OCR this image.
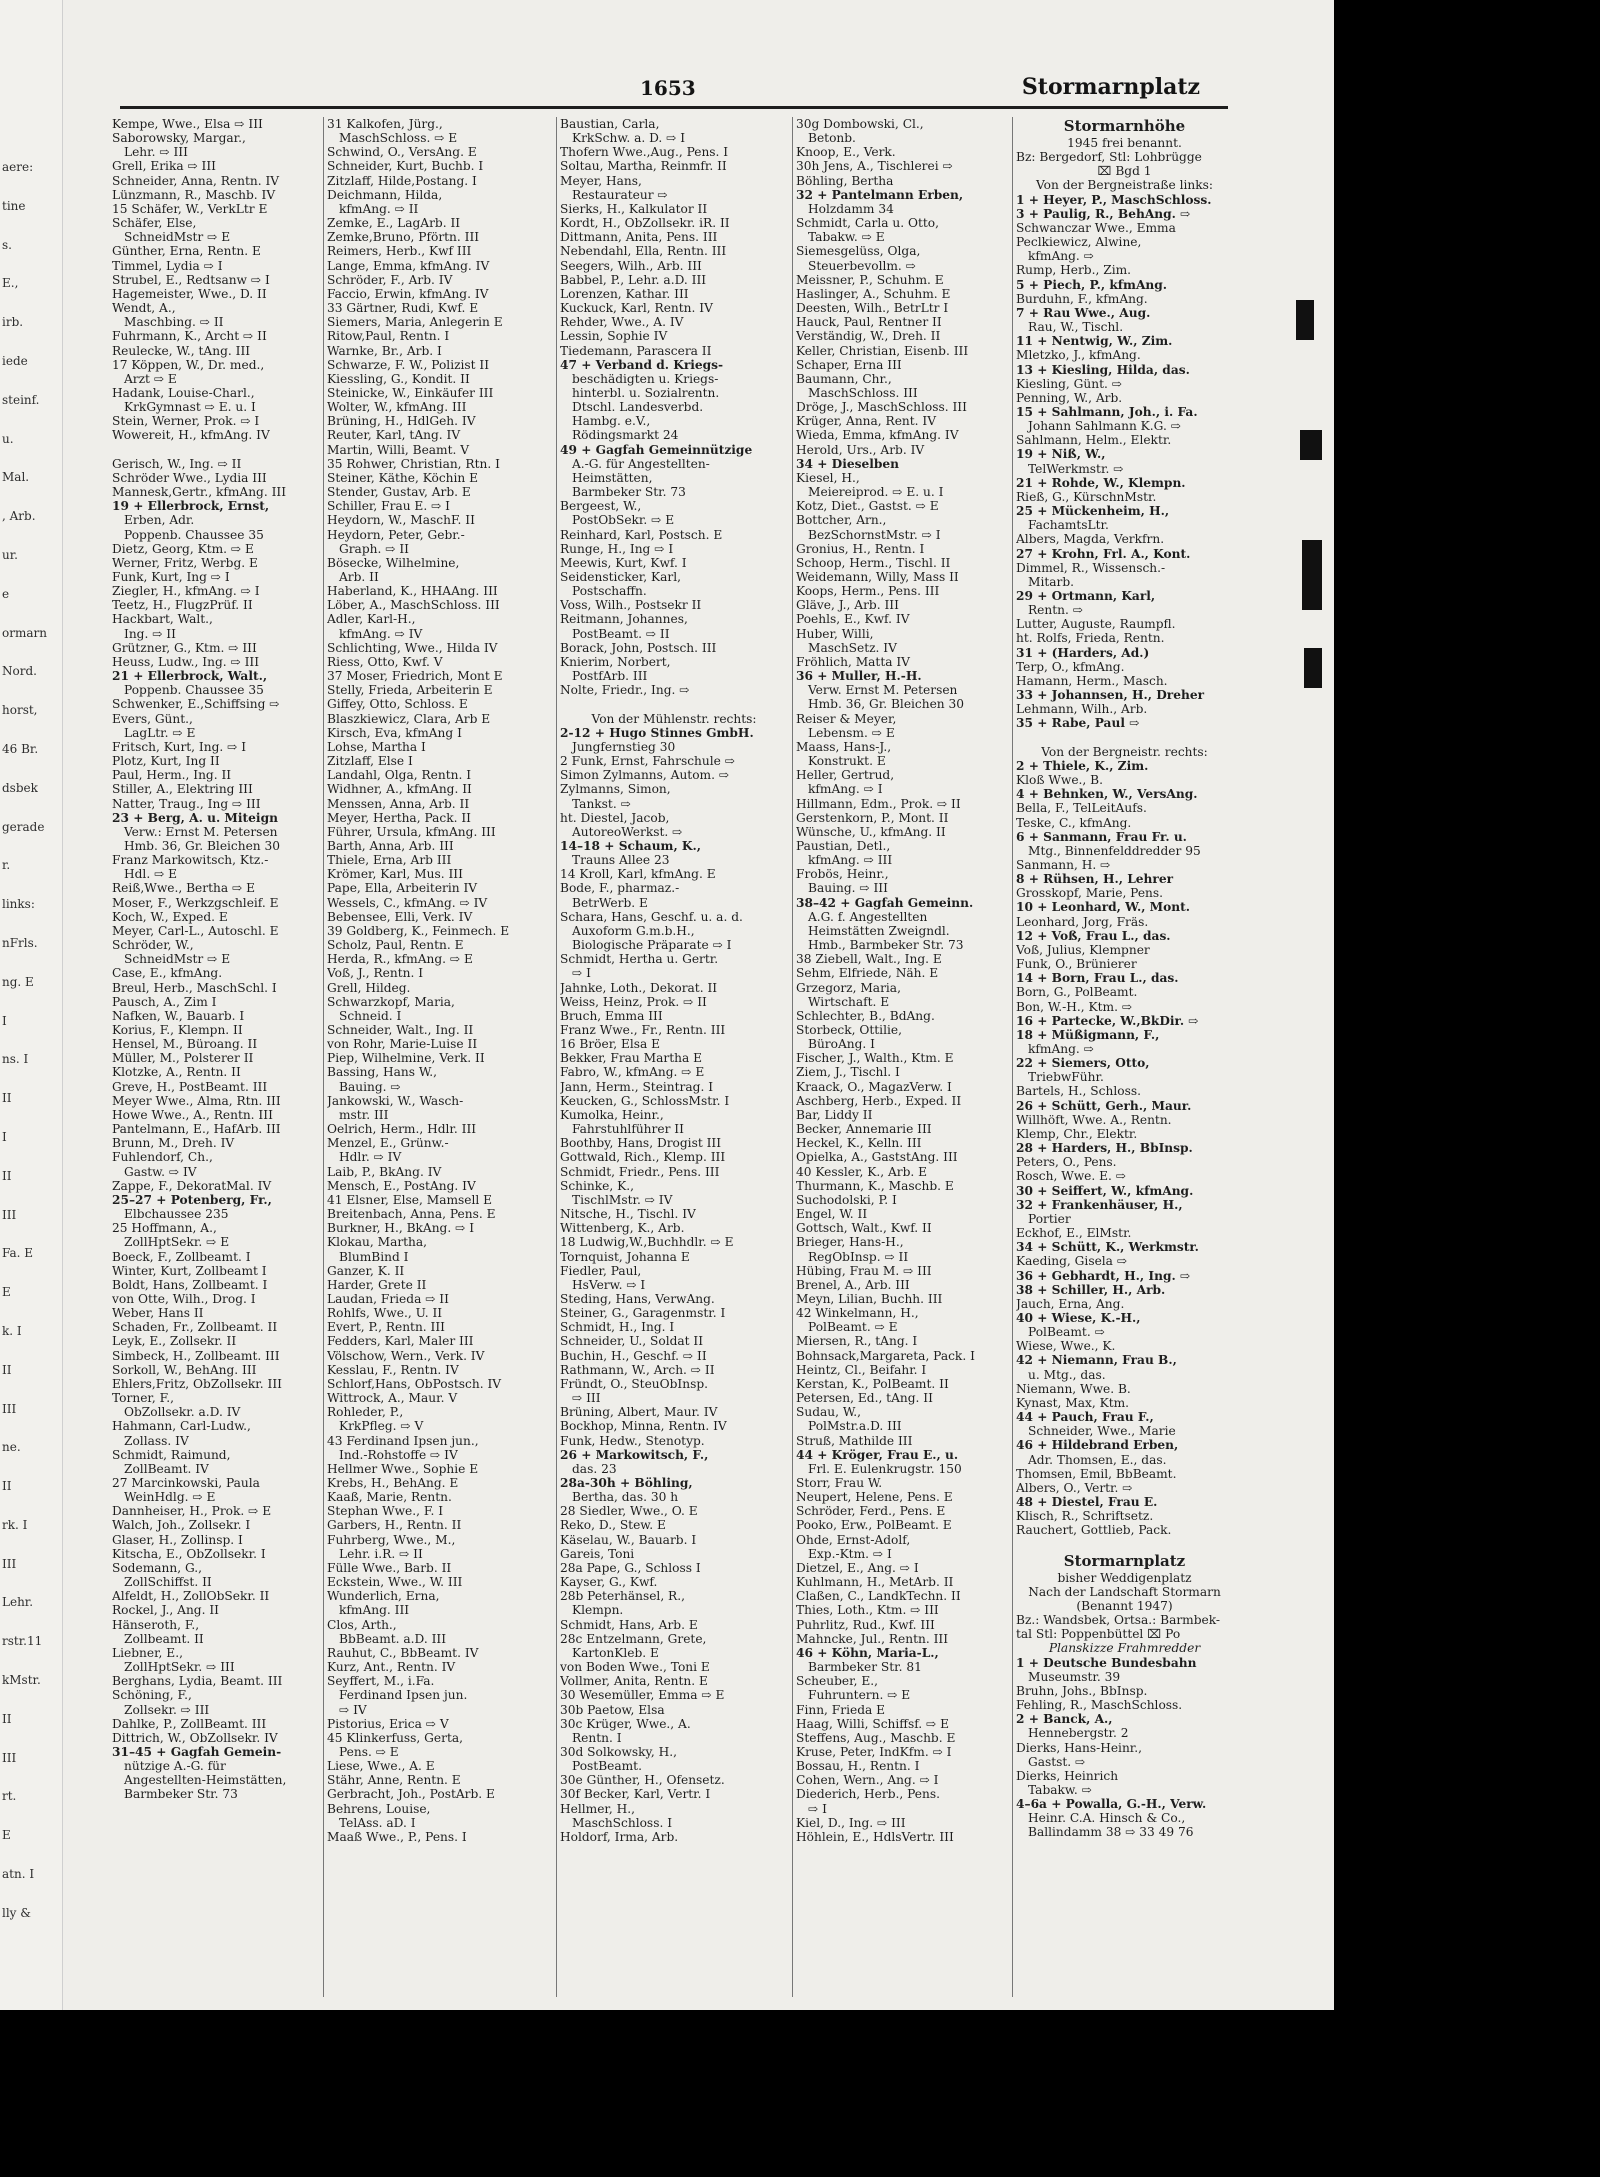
aere:
tine
s.
E.,
irb.
iede
steinf.
u.
Mal.
, Arb.
ur.
e
ormarn
Nord.
horst,
46 Br.
dsbek
gerade
r.
links:
nFrls.
ng. E
I
ns. I
II
I
II
III
Fa. E
E
k. I
II
III
ne.
II
rk. I
III
Lehr.
rstr.11
kMstr.
II
III
rt.
E
atn. I
lly &
1653	Stormarnplatz
Kempe, Wwe., Elsa ⇨ III
Saborowsky, Margar.,
Lehr. ⇨ III
Grell, Erika ⇨ III
Schneider, Anna, Rentn. IV
Lünzmann, R., Maschb. IV
15 Schäfer, W., VerkLtr E
Schäfer, Else,
SchneidMstr ⇨ E
Günther, Erna, Rentn. E
Timmel, Lydia ⇨ I
Strubel, E., Redtsanw ⇨ I
Hagemeister, Wwe., D. II
Wendt, A.,
Maschbing. ⇨ II
Fuhrmann, K., Archt ⇨ II
Reulecke, W., tAng. III
17 Köppen, W., Dr. med.,
Arzt ⇨ E
Hadank, Louise-Charl.,
KrkGymnast ⇨ E. u. I
Stein, Werner, Prok. ⇨ I
Wowereit, H., kfmAng. IV

Gerisch, W., Ing. ⇨ II
Schröder Wwe., Lydia III
Mannesk,Gertr., kfmAng. III
19 + Ellerbrock, Ernst,
Erben, Adr.
Poppenb. Chaussee 35
Dietz, Georg, Ktm. ⇨ E
Werner, Fritz, Werbg. E
Funk, Kurt, Ing ⇨ I
Ziegler, H., kfmAng. ⇨ I
Teetz, H., FlugzPrüf. II
Hackbart, Walt.,
Ing. ⇨ II
Grützner, G., Ktm. ⇨ III
Heuss, Ludw., Ing. ⇨ III
21 + Ellerbrock, Walt.,
Poppenb. Chaussee 35
Schwenker, E.,Schiffsing ⇨
Evers, Günt.,
LagLtr. ⇨ E
Fritsch, Kurt, Ing. ⇨ I
Plotz, Kurt, Ing II
Paul, Herm., Ing. II
Stiller, A., Elektring III
Natter, Traug., Ing ⇨ III
23 + Berg, A. u. Miteign
Verw.: Ernst M. Petersen
Hmb. 36, Gr. Bleichen 30
Franz Markowitsch, Ktz.-
Hdl. ⇨ E
Reiß,Wwe., Bertha ⇨ E
Moser, F., Werkzgschleif. E
Koch, W., Exped. E
Meyer, Carl-L., Autoschl. E
Schröder, W.,
SchneidMstr ⇨ E
Case, E., kfmAng.
Breul, Herb., MaschSchl. I
Pausch, A., Zim I
Nafken, W., Bauarb. I
Korius, F., Klempn. II
Hensel, M., Büroang. II
Müller, M., Polsterer II
Klotzke, A., Rentn. II
Greve, H., PostBeamt. III
Meyer Wwe., Alma, Rtn. III
Howe Wwe., A., Rentn. III
Pantelmann, E., HafArb. III
Brunn, M., Dreh. IV
Fuhlendorf, Ch.,
Gastw. ⇨ IV
Zappe, F., DekoratMal. IV
25–27 + Potenberg, Fr.,
Elbchaussee 235
25 Hoffmann, A.,
ZollHptSekr. ⇨ E
Boeck, F., Zollbeamt. I
Winter, Kurt, Zollbeamt I
Boldt, Hans, Zollbeamt. I
von Otte, Wilh., Drog. I
Weber, Hans II
Schaden, Fr., Zollbeamt. II
Leyk, E., Zollsekr. II
Simbeck, H., Zollbeamt. III
Sorkoll, W., BehAng. III
Ehlers,Fritz, ObZollsekr. III
Torner, F.,
ObZollsekr. a.D. IV
Hahmann, Carl-Ludw.,
Zollass. IV
Schmidt, Raimund,
ZollBeamt. IV
27 Marcinkowski, Paula
WeinHdlg. ⇨ E
Dannheiser, H., Prok. ⇨ E
Walch, Joh., Zollsekr. I
Glaser, H., Zollinsp. I
Kitscha, E., ObZollsekr. I
Sodemann, G.,
ZollSchiffst. II
Alfeldt, H., ZollObSekr. II
Rockel, J., Ang. II
Hänseroth, F.,
Zollbeamt. II
Liebner, E.,
ZollHptSekr. ⇨ III
Berghans, Lydia, Beamt. III
Schöning, F.,
Zollsekr. ⇨ III
Dahlke, P., ZollBeamt. III
Dittrich, W., ObZollsekr. IV
31–45 + Gagfah Gemein-
nützige A.-G. für
Angestellten-Heimstätten,
Barmbeker Str. 73
31 Kalkofen, Jürg.,
MaschSchloss. ⇨ E
Schwind, O., VersAng. E
Schneider, Kurt, Buchb. I
Zitzlaff, Hilde,Postang. I
Deichmann, Hilda,
kfmAng. ⇨ II
Zemke, E., LagArb. II
Zemke,Bruno, Pförtn. III
Reimers, Herb., Kwf III
Lange, Emma, kfmAng. IV
Schröder, F., Arb. IV
Faccio, Erwin, kfmAng. IV
33 Gärtner, Rudi, Kwf. E
Siemers, Maria, Anlegerin E
Ritow,Paul, Rentn. I
Warnke, Br., Arb. I
Schwarze, F. W., Polizist II
Kiessling, G., Kondit. II
Steinicke, W., Einkäufer III
Wolter, W., kfmAng. III
Brüning, H., HdlGeh. IV
Reuter, Karl, tAng. IV
Martin, Willi, Beamt. V
35 Rohwer, Christian, Rtn. I
Steiner, Käthe, Köchin E
Stender, Gustav, Arb. E
Schiller, Frau E. ⇨ I
Heydorn, W., MaschF. II
Heydorn, Peter, Gebr.-
Graph. ⇨ II
Bösecke, Wilhelmine,
Arb. II
Haberland, K., HHAAng. III
Löber, A., MaschSchloss. III
Adler, Karl-H.,
kfmAng. ⇨ IV
Schlichting, Wwe., Hilda IV
Riess, Otto, Kwf. V
37 Moser, Friedrich, Mont E
Stelly, Frieda, Arbeiterin E
Giffey, Otto, Schloss. E
Blaszkiewicz, Clara, Arb E
Kirsch, Eva, kfmAng I
Lohse, Martha I
Zitzlaff, Else I
Landahl, Olga, Rentn. I
Widhner, A., kfmAng. II
Menssen, Anna, Arb. II
Meyer, Hertha, Pack. II
Führer, Ursula, kfmAng. III
Barth, Anna, Arb. III
Thiele, Erna, Arb III
Krömer, Karl, Mus. III
Pape, Ella, Arbeiterin IV
Wessels, C., kfmAng. ⇨ IV
Bebensee, Elli, Verk. IV
39 Goldberg, K., Feinmech. E
Scholz, Paul, Rentn. E
Herda, R., kfmAng. ⇨ E
Voß, J., Rentn. I
Grell, Hildeg.
Schwarzkopf, Maria,
Schneid. I
Schneider, Walt., Ing. II
von Rohr, Marie-Luise II
Piep, Wilhelmine, Verk. II
Bassing, Hans W.,
Bauing. ⇨
Jankowski, W., Wasch-
mstr. III
Oelrich, Herm., Hdlr. III
Menzel, E., Grünw.-
Hdlr. ⇨ IV
Laib, P., BkAng. IV
Mensch, E., PostAng. IV
41 Elsner, Else, Mamsell E
Breitenbach, Anna, Pens. E
Burkner, H., BkAng. ⇨ I
Klokau, Martha,
BlumBind I
Ganzer, K. II
Harder, Grete II
Laudan, Frieda ⇨ II
Rohlfs, Wwe., U. II
Evert, P., Rentn. III
Fedders, Karl, Maler III
Völschow, Wern., Verk. IV
Kesslau, F., Rentn. IV
Schlorf,Hans, ObPostsch. IV
Wittrock, A., Maur. V
Rohleder, P.,
KrkPfleg. ⇨ V
43 Ferdinand Ipsen jun.,
Ind.-Rohstoffe ⇨ IV
Hellmer Wwe., Sophie E
Krebs, H., BehAng. E
Kaaß, Marie, Rentn.
Stephan Wwe., F. I
Garbers, H., Rentn. II
Fuhrberg, Wwe., M.,
Lehr. i.R. ⇨ II
Fülle Wwe., Barb. II
Eckstein, Wwe., W. III
Wunderlich, Erna,
kfmAng. III
Clos, Arth.,
BbBeamt. a.D. III
Rauhut, C., BbBeamt. IV
Kurz, Ant., Rentn. IV
Seyffert, M., i.Fa.
Ferdinand Ipsen jun.
⇨ IV
Pistorius, Erica ⇨ V
45 Klinkerfuss, Gerta,
Pens. ⇨ E
Liese, Wwe., A. E
Stähr, Anne, Rentn. E
Gerbracht, Joh., PostArb. E
Behrens, Louise,
TelAss. aD. I
Maaß Wwe., P., Pens. I
Baustian, Carla,
KrkSchw. a. D. ⇨ I
Thofern Wwe.,Aug., Pens. I
Soltau, Martha, Reinmfr. II
Meyer, Hans,
Restaurateur ⇨
Sierks, H., Kalkulator II
Kordt, H., ObZollsekr. iR. II
Dittmann, Anita, Pens. III
Nebendahl, Ella, Rentn. III
Seegers, Wilh., Arb. III
Babbel, P., Lehr. a.D. III
Lorenzen, Kathar. III
Kuckuck, Karl, Rentn. IV
Rehder, Wwe., A. IV
Lessin, Sophie IV
Tiedemann, Parascera II
47 + Verband d. Kriegs-
beschädigten u. Kriegs-
hinterbl. u. Sozialrentn.
Dtschl. Landesverbd.
Hambg. e.V.,
Rödingsmarkt 24
49 + Gagfah Gemeinnützige
A.-G. für Angestellten-
Heimstätten,
Barmbeker Str. 73
Bergeest, W.,
PostObSekr. ⇨ E
Reinhard, Karl, Postsch. E
Runge, H., Ing ⇨ I
Meewis, Kurt, Kwf. I
Seidensticker, Karl,
Postschaffn.
Voss, Wilh., Postsekr II
Reitmann, Johannes,
PostBeamt. ⇨ II
Borack, John, Postsch. III
Knierim, Norbert,
PostfArb. III
Nolte, Friedr., Ing. ⇨

Von der Mühlenstr. rechts:
2-12 + Hugo Stinnes GmbH.
Jungfernstieg 30
2 Funk, Ernst, Fahrschule ⇨
Simon Zylmanns, Autom. ⇨
Zylmanns, Simon,
Tankst. ⇨
ht. Diestel, Jacob,
AutoreoWerkst. ⇨
14–18 + Schaum, K.,
Trauns Allee 23
14 Kroll, Karl, kfmAng. E
Bode, F., pharmaz.-
BetrWerb. E
Schara, Hans, Geschf. u. a. d.
Auxoform G.m.b.H.,
Biologische Präparate ⇨ I
Schmidt, Hertha u. Gertr.
⇨ I
Jahnke, Loth., Dekorat. II
Weiss, Heinz, Prok. ⇨ II
Bruch, Emma III
Franz Wwe., Fr., Rentn. III
16 Bröer, Elsa E
Bekker, Frau Martha E
Fabro, W., kfmAng. ⇨ E
Jann, Herm., Steintrag. I
Keucken, G., SchlossMstr. I
Kumolka, Heinr.,
Fahrstuhlführer II
Boothby, Hans, Drogist III
Gottwald, Rich., Klemp. III
Schmidt, Friedr., Pens. III
Schinke, K.,
TischlMstr. ⇨ IV
Nitsche, H., Tischl. IV
Wittenberg, K., Arb.
18 Ludwig,W.,Buchhdlr. ⇨ E
Tornquist, Johanna E
Fiedler, Paul,
HsVerw. ⇨ I
Steding, Hans, VerwAng.
Steiner, G., Garagenmstr. I
Schmidt, H., Ing. I
Schneider, U., Soldat II
Buchin, H., Geschf. ⇨ II
Rathmann, W., Arch. ⇨ II
Fründt, O., SteuObInsp.
⇨ III
Brüning, Albert, Maur. IV
Bockhop, Minna, Rentn. IV
Funk, Hedw., Stenotyp.
26 + Markowitsch, F.,
das. 23
28a-30h + Böhling,
Bertha, das. 30 h
28 Siedler, Wwe., O. E
Reko, D., Stew. E
Käselau, W., Bauarb. I
Gareis, Toni
28a Pape, G., Schloss I
Kayser, G., Kwf.
28b Peterhänsel, R.,
Klempn.
Schmidt, Hans, Arb. E
28c Entzelmann, Grete,
KartonKleb. E
von Boden Wwe., Toni E
Vollmer, Anita, Rentn. E
30 Wesemüller, Emma ⇨ E
30b Paetow, Elsa
30c Krüger, Wwe., A.
Rentn. I
30d Solkowsky, H.,
PostBeamt.
30e Günther, H., Ofensetz.
30f Becker, Karl, Vertr. I
Hellmer, H.,
MaschSchloss. I
Holdorf, Irma, Arb.
30g Dombowski, Cl.,
Betonb.
Knoop, E., Verk.
30h Jens, A., Tischlerei ⇨
Böhling, Bertha
32 + Pantelmann Erben,
Holzdamm 34
Schmidt, Carla u. Otto,
Tabakw. ⇨ E
Siemesgelüss, Olga,
Steuerbevollm. ⇨
Meissner, P., Schuhm. E
Haslinger, A., Schuhm. E
Deesten, Wilh., BetrLtr I
Hauck, Paul, Rentner II
Verständig, W., Dreh. II
Keller, Christian, Eisenb. III
Schaper, Erna III
Baumann, Chr.,
MaschSchloss. III
Dröge, J., MaschSchloss. III
Krüger, Anna, Rent. IV
Wieda, Emma, kfmAng. IV
Herold, Urs., Arb. IV
34 + Dieselben
Kiesel, H.,
Meiereiprod. ⇨ E. u. I
Kotz, Diet., Gastst. ⇨ E
Bottcher, Arn.,
BezSchornstMstr. ⇨ I
Gronius, H., Rentn. I
Schoop, Herm., Tischl. II
Weidemann, Willy, Mass II
Koops, Herm., Pens. III
Gläve, J., Arb. III
Poehls, E., Kwf. IV
Huber, Willi,
MaschSetz. IV
Fröhlich, Matta IV
36 + Muller, H.-H.
Verw. Ernst M. Petersen
Hmb. 36, Gr. Bleichen 30
Reiser & Meyer,
Lebensm. ⇨ E
Maass, Hans-J.,
Konstrukt. E
Heller, Gertrud,
kfmAng. ⇨ I
Hillmann, Edm., Prok. ⇨ II
Gerstenkorn, P., Mont. II
Wünsche, U., kfmAng. II
Paustian, Detl.,
kfmAng. ⇨ III
Frobös, Heinr.,
Bauing. ⇨ III
38–42 + Gagfah Gemeinn.
A.G. f. Angestellten
Heimstätten Zweigndl.
Hmb., Barmbeker Str. 73
38 Ziebell, Walt., Ing. E
Sehm, Elfriede, Näh. E
Grzegorz, Maria,
Wirtschaft. E
Schlechter, B., BdAng.
Storbeck, Ottilie,
BüroAng. I
Fischer, J., Walth., Ktm. E
Ziem, J., Tischl. I
Kraack, O., MagazVerw. I
Aschberg, Herb., Exped. II
Bar, Liddy II
Becker, Annemarie III
Heckel, K., Kelln. III
Opielka, A., GaststAng. III
40 Kessler, K., Arb. E
Thurmann, K., Maschb. E
Suchodolski, P. I
Engel, W. II
Gottsch, Walt., Kwf. II
Brieger, Hans-H.,
RegObInsp. ⇨ II
Hübing, Frau M. ⇨ III
Brenel, A., Arb. III
Meyn, Lilian, Buchh. III
42 Winkelmann, H.,
PolBeamt. ⇨ E
Miersen, R., tAng. I
Bohnsack,Margareta, Pack. I
Heintz, Cl., Beifahr. I
Kerstan, K., PolBeamt. II
Petersen, Ed., tAng. II
Sudau, W.,
PolMstr.a.D. III
Struß, Mathilde III
44 + Kröger, Frau E., u.
Frl. E. Eulenkrugstr. 150
Storr, Frau W.
Neupert, Helene, Pens. E
Schröder, Ferd., Pens. E
Pooko, Erw., PolBeamt. E
Ohde, Ernst-Adolf,
Exp.-Ktm. ⇨ I
Dietzel, E., Ang. ⇨ I
Kuhlmann, H., MetArb. II
Claßen, C., LandkTechn. II
Thies, Loth., Ktm. ⇨ III
Puhrlitz, Rud., Kwf. III
Mahncke, Jul., Rentn. III
46 + Köhn, Maria-L.,
Barmbeker Str. 81
Scheuber, E.,
Fuhruntern. ⇨ E
Finn, Frieda E
Haag, Willi, Schiffsf. ⇨ E
Steffens, Aug., Maschb. E
Kruse, Peter, IndKfm. ⇨ I
Bossau, H., Rentn. I
Cohen, Wern., Ang. ⇨ I
Diederich, Herb., Pens.
⇨ I
Kiel, D., Ing. ⇨ III
Höhlein, E., HdlsVertr. III
Stormarnhöhe
1945 frei benannt.
Bz: Bergedorf, Stl: Lohbrügge
⌧ Bgd 1
Von der Bergneistraße links:
1 + Heyer, P., MaschSchloss.
3 + Paulig, R., BehAng. ⇨
Schwanczar Wwe., Emma
Peclkiewicz, Alwine,
kfmAng. ⇨
Rump, Herb., Zim.
5 + Piech, P., kfmAng.
Burduhn, F., kfmAng.
7 + Rau Wwe., Aug.
Rau, W., Tischl.
11 + Nentwig, W., Zim.
Mletzko, J., kfmAng.
13 + Kiesling, Hilda, das.
Kiesling, Günt. ⇨
Penning, W., Arb.
15 + Sahlmann, Joh., i. Fa.
Johann Sahlmann K.G. ⇨
Sahlmann, Helm., Elektr.
19 + Niß, W.,
TelWerkmstr. ⇨
21 + Rohde, W., Klempn.
Rieß, G., KürschnMstr.
25 + Mückenheim, H.,
FachamtsLtr.
Albers, Magda, Verkfrn.
27 + Krohn, Frl. A., Kont.
Dimmel, R., Wissensch.-
Mitarb.
29 + Ortmann, Karl,
Rentn. ⇨
Lutter, Auguste, Raumpfl.
ht. Rolfs, Frieda, Rentn.
31 + (Harders, Ad.)
Terp, O., kfmAng.
Hamann, Herm., Masch.
33 + Johannsen, H., Dreher
Lehmann, Wilh., Arb.
35 + Rabe, Paul ⇨

Von der Bergneistr. rechts:
2 + Thiele, K., Zim.
Kloß Wwe., B.
4 + Behnken, W., VersAng.
Bella, F., TelLeitAufs.
Teske, C., kfmAng.
6 + Sanmann, Frau Fr. u.
Mtg., Binnenfelddredder 95
Sanmann, H. ⇨
8 + Rühsen, H., Lehrer
Grosskopf, Marie, Pens.
10 + Leonhard, W., Mont.
Leonhard, Jorg, Fräs.
12 + Voß, Frau L., das.
Voß, Julius, Klempner
Funk, O., Brünierer
14 + Born, Frau L., das.
Born, G., PolBeamt.
Bon, W.-H., Ktm. ⇨
16 + Partecke, W.,BkDir. ⇨
18 + Müßigmann, F.,
kfmAng. ⇨
22 + Siemers, Otto,
TriebwFühr.
Bartels, H., Schloss.
26 + Schütt, Gerh., Maur.
Willhöft, Wwe. A., Rentn.
Klemp, Chr., Elektr.
28 + Harders, H., BbInsp.
Peters, O., Pens.
Rosch, Wwe. E. ⇨
30 + Seiffert, W., kfmAng.
32 + Frankenhäuser, H.,
Portier
Eckhof, E., ElMstr.
34 + Schütt, K., Werkmstr.
Kaeding, Gisela ⇨
36 + Gebhardt, H., Ing. ⇨
38 + Schiller, H., Arb.
Jauch, Erna, Ang.
40 + Wiese, K.-H.,
PolBeamt. ⇨
Wiese, Wwe., K.
42 + Niemann, Frau B.,
u. Mtg., das.
Niemann, Wwe. B.
Kynast, Max, Ktm.
44 + Pauch, Frau F.,
Schneider, Wwe., Marie
46 + Hildebrand Erben,
Adr. Thomsen, E., das.
Thomsen, Emil, BbBeamt.
Albers, O., Vertr. ⇨
48 + Diestel, Frau E.
Klisch, R., Schriftsetz.
Rauchert, Gottlieb, Pack.

Stormarnplatz
bisher Weddigenplatz
Nach der Landschaft Stormarn
(Benannt 1947)
Bz.: Wandsbek, Ortsa.: Barmbek-
tal Stl: Poppenbüttel ⌧ Po
Planskizze Frahmredder
1 + Deutsche Bundesbahn
Museumstr. 39
Bruhn, Johs., BbInsp.
Fehling, R., MaschSchloss.
2 + Banck, A.,
Hennebergstr. 2
Dierks, Hans-Heinr.,
Gastst. ⇨
Dierks, Heinrich
Tabakw. ⇨
4–6a + Powalla, G.-H., Verw.
Heinr. C.A. Hinsch & Co.,
Ballindamm 38 ⇨ 33 49 76
